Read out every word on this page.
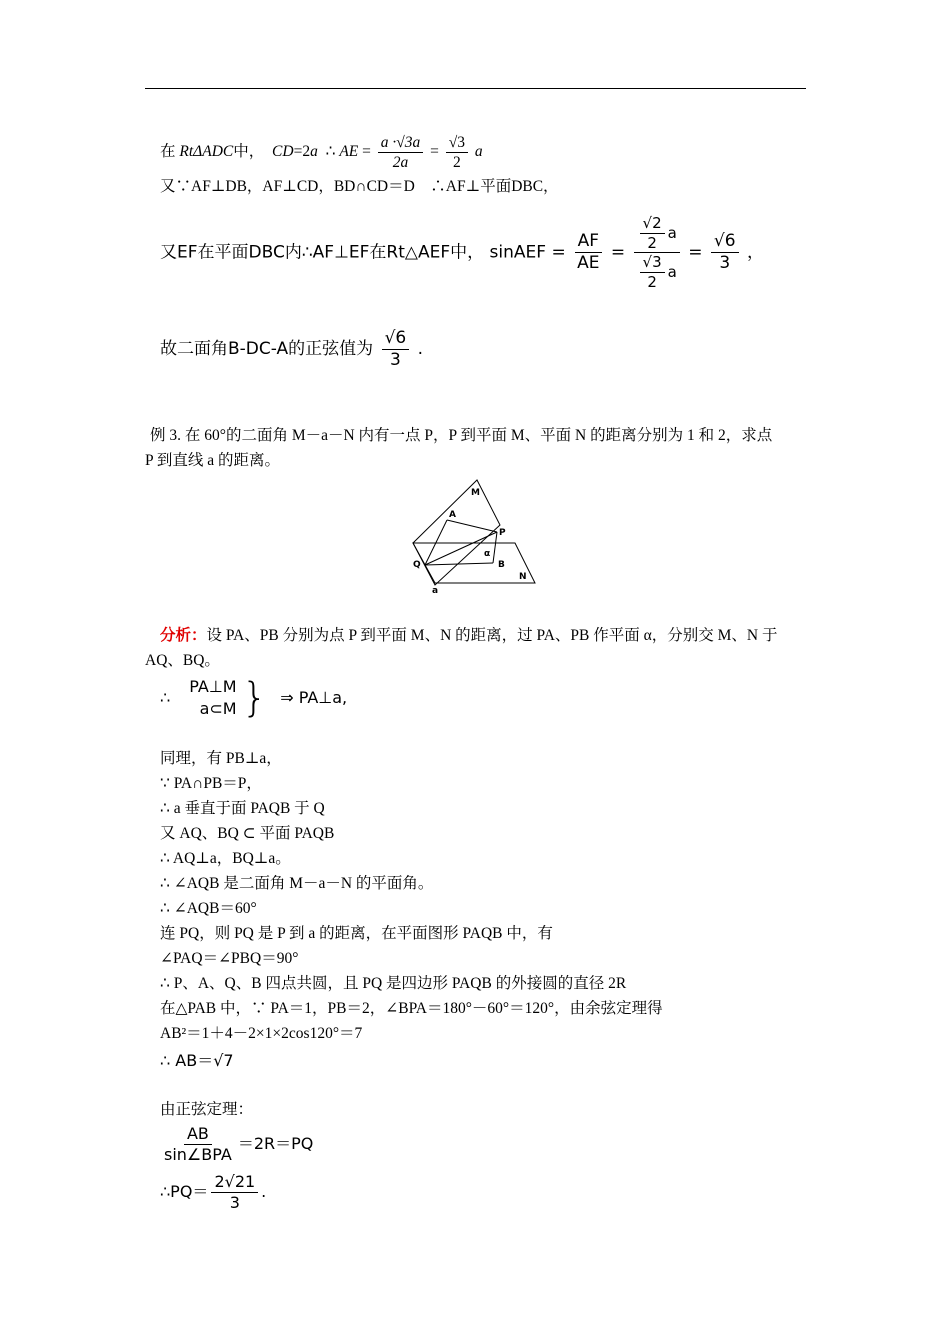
在 RtΔADC中， CD=2a ∴ AE = $\frac{a \cdot√3a}{2a} = \frac{√3}{2}$ a
又∵AF⊥DB，AF⊥CD，BD∩CD＝D　∴AF⊥平面DBC，
又EF在平面DBC内∴AF⊥EF在Rt△AEF中， sinAEF = $\frac{AF}{AE} = \frac{\frac{√2}{2} a}{\frac{√3}{2} a} = \frac{√6}{3}$ ，
故二面角B-DC-A的正弦值为 $\frac{√6}{3}$ .
例 3. 在 60°的二面角 M－a－N 内有一点 P，P 到平面 M、平面 N 的距离分别为 1 和 2，求点
P 到直线 a 的距离。
M
A
P
α
Q	B
N
a
分析：设 PA、PB 分别为点 P 到平面 M、N 的距离，过 PA、PB 作平面 α，分别交 M、N 于
AQ、BQ。
∴
PA⊥M
a⊂M } ⇒ PA⊥a,
同理，有 PB⊥a，
∵ PA∩PB＝P，
∴ a 垂直于面 PAQB 于 Q
又 AQ、BQ ⊂ 平面 PAQB
∴ AQ⊥a，BQ⊥a。
∴ ∠AQB 是二面角 M－a－N 的平面角。
∴ ∠AQB＝60°
连 PQ，则 PQ 是 P 到 a 的距离，在平面图形 PAQB 中，有
∠PAQ＝∠PBQ＝90°
∴ P、A、Q、B 四点共圆，且 PQ 是四边形 PAQB 的外接圆的直径 2R
在△PAB 中，∵ PA＝1，PB＝2，∠BPA＝180°－60°＝120°，由余弦定理得
AB²＝1＋4－2×1×2cos120°＝7
∴ AB＝√7
由正弦定理：
$\frac{AB}{\text{sin∠BPA}} =2R=PQ$
∴PQ＝ $\frac{2√21}{3}$ .
